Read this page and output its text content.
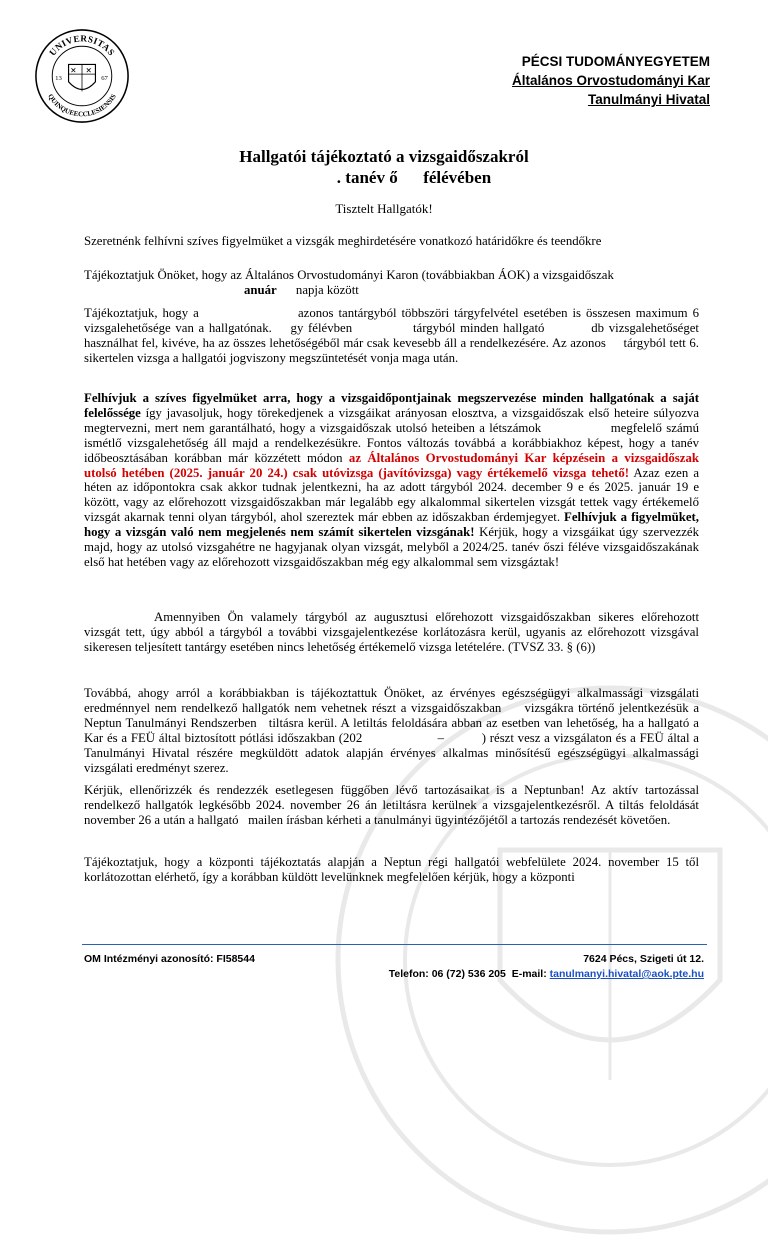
UNIVERSITAS
QUINQUEECCLESIENSIS
13	67
PÉCSI TUDOMÁNYEGYETEM
Általános Orvostudományi Kar
Tanulmányi Hivatal
Hallgatói tájékoztató a vizsgaidőszakról
. tanév ő      félévében
Tisztelt Hallgatók!

Szeretnénk felhívni szíves figyelmüket a vizsgák meghirdetésére vonatkozó határidőkre és teendőkre

Tájékoztatjuk Önöket, hogy az Általános Orvostudományi Karon (továbbiakban ÁOK) a vizsgaidőszak

anuár napja között

Tájékoztatjuk, hogy a                    azonos tantárgyból többszöri tárgyfelvétel esetében is összesen maximum 6 vizsgalehetősége van a hallgatónak.    gy félévben             tárgyból minden hallgató          db vizsgalehetőséget használhat fel, kivéve, ha az összes lehetőségéből már csak kevesebb áll a rendelkezésére. Az azonos     tárgyból tett 6. sikertelen vizsga a hallgatói jogviszony megszüntetését vonja maga után.
Felhívjuk a szíves figyelmüket arra, hogy a vizsgaidőpontjainak megszervezése minden hallgatónak a saját felelőssége így javasoljuk, hogy törekedjenek a vizsgáikat arányosan elosztva, a vizsgaidőszak első heteire súlyozva megtervezni, mert nem garantálható, hogy a vizsgaidőszak utolsó heteiben a létszámok                megfelelő számú ismétlő vizsgalehetőség áll majd a rendelkezésükre. Fontos változás továbbá a korábbiakhoz képest, hogy a tanév időbeosztásában korábban már közzétett módon az Általános Orvostudományi Kar képzésein a vizsgaidőszak utolsó hetében (2025. január 20 24.) csak utóvizsga (javítóvizsga) vagy értékemelő vizsga tehető! Azaz ezen a héten az időpontokra csak akkor tudnak jelentkezni, ha az adott tárgyból 2024. december 9 e és 2025. január 19 e között, vagy az előrehozott vizsgaidőszakban már legalább egy alkalommal sikertelen vizsgát tettek vagy értékemelő vizsgát akarnak tenni olyan tárgyból, ahol szereztek már ebben az időszakban érdemjegyet. Felhívjuk a figyelmüket, hogy a vizsgán való nem megjelenés nem számít sikertelen vizsgának! Kérjük, hogy a vizsgáikat úgy szervezzék majd, hogy az utolsó vizsgahétre ne hagyjanak olyan vizsgát, melyből a 2024/25. tanév őszi féléve vizsgaidőszakának első hat hetében vagy az előrehozott vizsgaidőszakban még egy alkalommal sem vizsgáztak!
Amennyiben Ön valamely tárgyból az augusztusi előrehozott vizsgaidőszakban sikeres előrehozott vizsgát tett, úgy abból a tárgyból a további vizsgajelentkezése korlátozásra kerül, ugyanis az előrehozott vizsgával sikeresen teljesített tantárgy esetében nincs lehetőség értékemelő vizsga letételére. (TVSZ 33. § (6))
Továbbá, ahogy arról a korábbiakban is tájékoztattuk Önöket, az érvényes egészségügyi alkalmassági vizsgálati eredménnyel nem rendelkező hallgatók nem vehetnek részt a vizsgaidőszakban     vizsgákra történő jelentkezésük a Neptun Tanulmányi Rendszerben   tiltásra kerül. A letiltás feloldására abban az esetben van lehetőség, ha a hallgató a Kar és a FEÜ által biztosított pótlási időszakban (202                    –          ) részt vesz a vizsgálaton és a FEÜ által a Tanulmányi Hivatal részére megküldött adatok alapján érvényes alkalmas minősítésű egészségügyi alkalmassági vizsgálati eredményt szerez.
Kérjük, ellenőrizzék és rendezzék esetlegesen függőben lévő tartozásaikat is a Neptunban! Az aktív tartozással rendelkező hallgatók legkésőbb 2024. november 26 án letiltásra kerülnek a vizsgajelentkezésről. A tiltás feloldását november 26 a után a hallgató   mailen írásban kérheti a tanulmányi ügyintézőjétől a tartozás rendezését követően.
Tájékoztatjuk, hogy a központi tájékoztatás alapján a Neptun régi hallgatói webfelülete 2024. november 15 től      korlátozottan elérhető, így a korábban küldött levelünknek megfelelően kérjük, hogy a központi
OM Intézményi azonosító: FI58544	7624 Pécs, Szigeti út 12.
Telefon: 06 (72) 536 205 E-mail: tanulmanyi.hivatal@aok.pte.hu
